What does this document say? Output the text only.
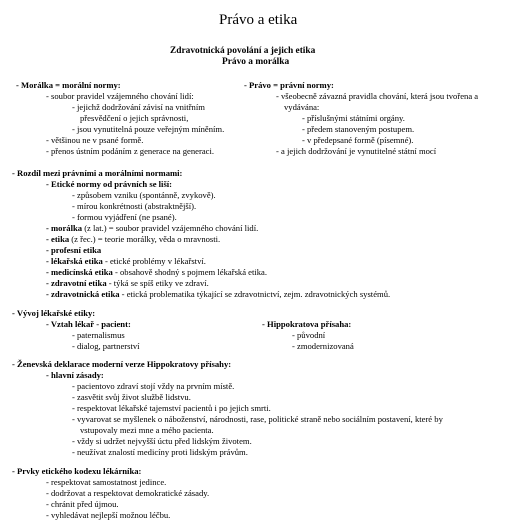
Právo a etika
Zdravotnická povolání a jejich etika
Právo a morálka
- Morálka = morální normy:
- soubor pravidel vzájemného chování lidí:
- jejichž dodržování závisí na vnitřním
přesvědčení o jejich správnosti,
- jsou vynutitelná pouze veřejným míněním.
- většinou ne v psané formě.
- přenos ústním podáním z generace na generaci.
- Právo = právní normy:
- všeobecně závazná pravidla chování, která jsou tvořena a
vydávána:
- příslušnými státními orgány.
- předem stanoveným postupem.
- v předepsané formě (písemné).
- a jejich dodržování je vynutitelné státní mocí
- Rozdíl mezi právními a morálními normami:
- Etické normy od právních se liší:
- způsobem vzniku (spontánně, zvykově).
- mírou konkrétnosti (abstraktnější).
- formou vyjádření (ne psané).
- morálka (z lat.) = soubor pravidel vzájemného chování lidí.
- etika (z řec.) = teorie morálky, věda o mravnosti.
- profesní etika
- lékařská etika - etické problémy v lékařství.
- medicínská etika - obsahově shodný s pojmem lékařská etika.
- zdravotní etika - týká se spíš etiky ve zdraví.
- zdravotnická etika - etická problematika týkající se zdravotnictví, zejm. zdravotnických systémů.
- Vývoj lékařské etiky:
- Vztah lékař - pacient:
- paternalismus
- dialog, partnerství
- Hippokratova přísaha:
- původní
- zmodernizovaná
- Ženevská deklarace moderní verze Hippokratovy přísahy:
- hlavní zásady:
- pacientovo zdraví stojí vždy na prvním místě.
- zasvětit svůj život službě lidstvu.
- respektovat lékařské tajemství pacientů i po jejich smrti.
- vyvarovat se myšlenek o náboženství, národnosti, rase, politické straně nebo sociálním postavení, které by
vstupovaly mezi mne a mého pacienta.
- vždy si udržet nejvyšší úctu před lidským životem.
- neužívat znalostí medicíny proti lidským právům.
- Prvky etického kodexu lékárníka:
- respektovat samostatnost jedince.
- dodržovat a respektovat demokratické zásady.
- chránit před újmou.
- vyhledávat nejlepší možnou léčbu.
